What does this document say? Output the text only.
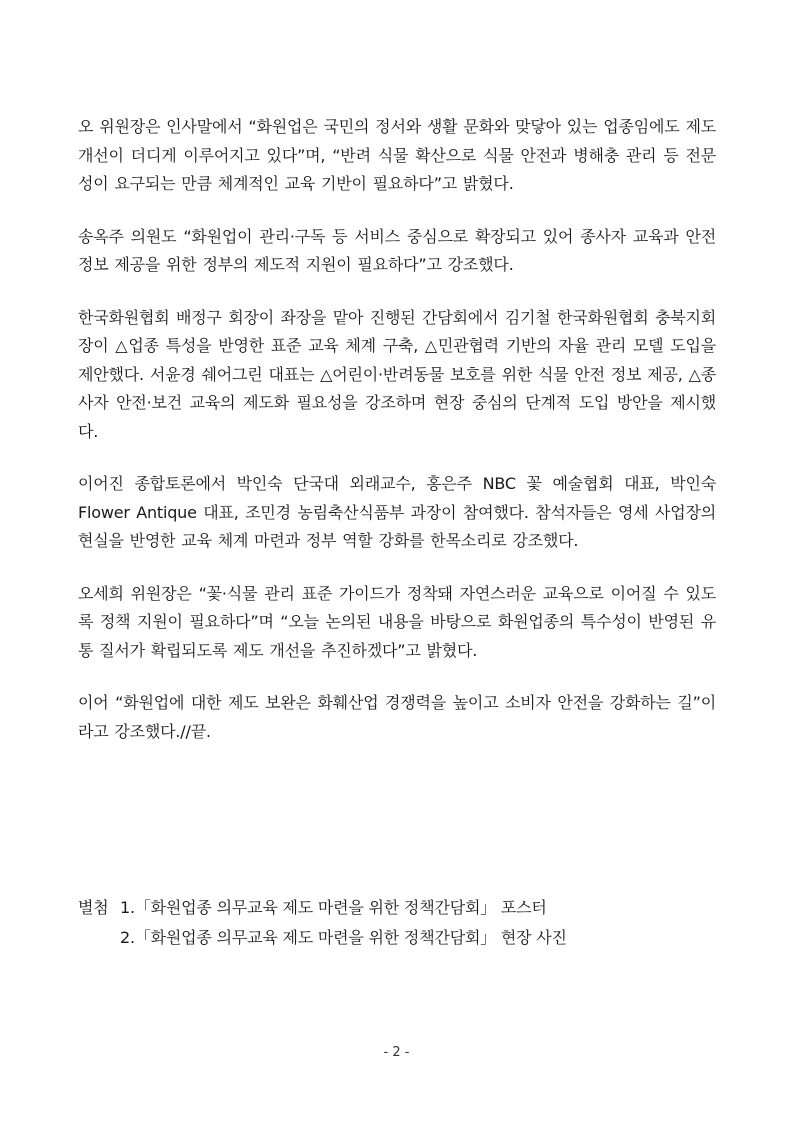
오 위원장은 인사말에서 “화원업은 국민의 정서와 생활 문화와 맞닿아 있는 업종임에도 제도 개선이 더디게 이루어지고 있다”며, “반려 식물 확산으로 식물 안전과 병해충 관리 등 전문성이 요구되는 만큼 체계적인 교육 기반이 필요하다”고 밝혔다.

송옥주 의원도 “화원업이 관리·구독 등 서비스 중심으로 확장되고 있어 종사자 교육과 안전 정보 제공을 위한 정부의 제도적 지원이 필요하다”고 강조했다.

한국화원협회 배정구 회장이 좌장을 맡아 진행된 간담회에서 김기철 한국화원협회 충북지회장이 △업종 특성을 반영한 표준 교육 체계 구축, △민관협력 기반의 자율 관리 모델 도입을 제안했다. 서윤경 쉐어그린 대표는 △어린이·반려동물 보호를 위한 식물 안전 정보 제공, △종사자 안전·보건 교육의 제도화 필요성을 강조하며 현장 중심의 단계적 도입 방안을 제시했다.

이어진 종합토론에서 박인숙 단국대 외래교수, 홍은주 NBC 꽃 예술협회 대표, 박인숙 Flower Antique 대표, 조민경 농림축산식품부 과장이 참여했다. 참석자들은 영세 사업장의 현실을 반영한 교육 체계 마련과 정부 역할 강화를 한목소리로 강조했다.

오세희 위원장은 “꽃·식물 관리 표준 가이드가 정착돼 자연스러운 교육으로 이어질 수 있도록 정책 지원이 필요하다”며 “오늘 논의된 내용을 바탕으로 화원업종의 특수성이 반영된 유통 질서가 확립되도록 제도 개선을 추진하겠다”고 밝혔다.

이어 “화원업에 대한 제도 보완은 화훼산업 경쟁력을 높이고 소비자 안전을 강화하는 길”이라고 강조했다.//끝.

별첨 1.「화원업종 의무교육 제도 마련을 위한 정책간담회」 포스터
2.「화원업종 의무교육 제도 마련을 위한 정책간담회」 현장 사진
- 2 -
